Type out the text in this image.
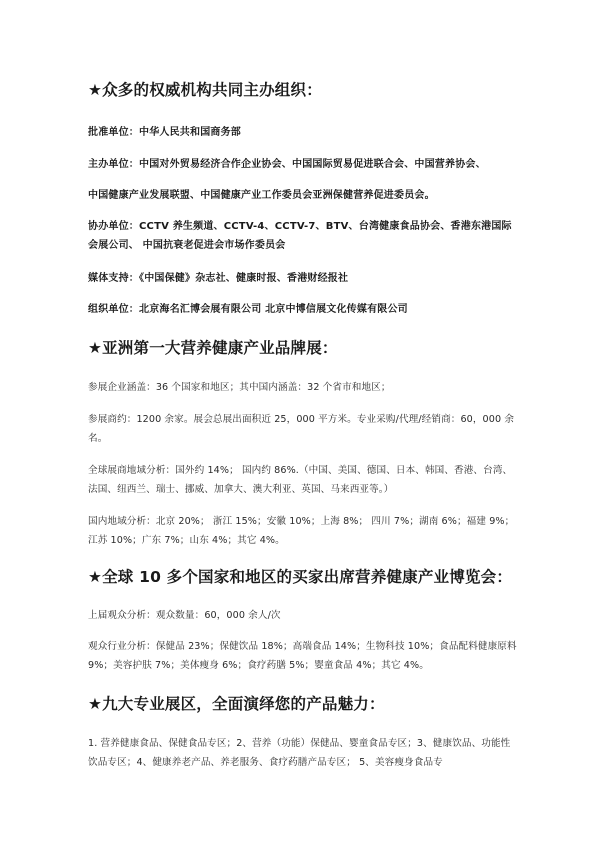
★众多的权威机构共同主办组织：

批准单位：中华人民共和国商务部

主办单位：中国对外贸易经济合作企业协会、中国国际贸易促进联合会、中国营养协会、

中国健康产业发展联盟、中国健康产业工作委员会亚洲保健营养促进委员会。

协办单位：CCTV 养生频道、CCTV-4、CCTV-7、BTV、台湾健康食品协会、香港东港国际会展公司、 中国抗衰老促进会市场作委员会

媒体支持：《中国保健》杂志社、健康时报、香港财经报社

组织单位：北京海名汇博会展有限公司 北京中博信展文化传媒有限公司

★亚洲第一大营养健康产业品牌展：

参展企业涵盖：36 个国家和地区；其中国内涵盖：32 个省市和地区；

参展商约：1200 余家。展会总展出面积近 25，000 平方米。专业采购/代理/经销商：60，000 余名。

全球展商地域分析：国外约 14%； 国内约 86%.（中国、美国、德国、日本、韩国、香港、台湾、法国、纽西兰、瑞士、挪威、加拿大、澳大利亚、英国、马来西亚等。）

国内地域分析：北京 20%； 浙江 15%；安徽 10%；上海 8%； 四川 7%；湖南 6%；福建 9%；江苏 10%；广东 7%；山东 4%；其它 4%。

★全球 10 多个国家和地区的买家出席营养健康产业博览会：

上届观众分析：观众数量：60，000 余人/次

观众行业分析：保健品 23%；保健饮品 18%；高端食品 14%；生物科技 10%；食品配料健康原料 9%；美容护肤 7%；美体瘦身 6%；食疗药膳 5%；婴童食品 4%；其它 4%。

★九大专业展区，全面演绎您的产品魅力：

1. 营养健康食品、保健食品专区；2、营养（功能）保健品、婴童食品专区；3、健康饮品、功能性饮品专区；4、健康养老产品、养老服务、食疗药膳产品专区； 5、美容瘦身食品专
